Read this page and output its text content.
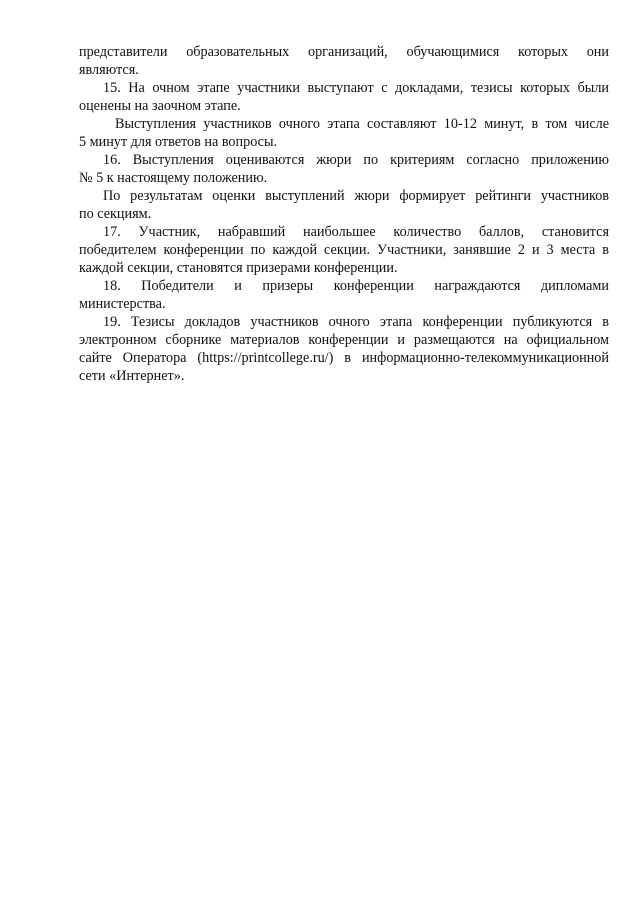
представители образовательных организаций, обучающимися которых они
являются.
15. На очном этапе участники выступают с докладами, тезисы которых были
оценены на заочном этапе.
Выступления участников очного этапа составляют 10-12 минут, в том числе
5 минут для ответов на вопросы.
16. Выступления оцениваются жюри по критериям согласно приложению
№ 5 к настоящему положению.
По результатам оценки выступлений жюри формирует рейтинги участников
по секциям.
17. Участник, набравший наибольшее количество баллов, становится
победителем конференции по каждой секции. Участники, занявшие 2 и 3 места в
каждой секции, становятся призерами конференции.
18. Победители и призеры конференции награждаются дипломами
министерства.
19. Тезисы докладов участников очного этапа конференции публикуются в
электронном сборнике материалов конференции и размещаются на официальном
сайте Оператора (https://printcollege.ru/) в информационно-телекоммуникационной
сети «Интернет».
